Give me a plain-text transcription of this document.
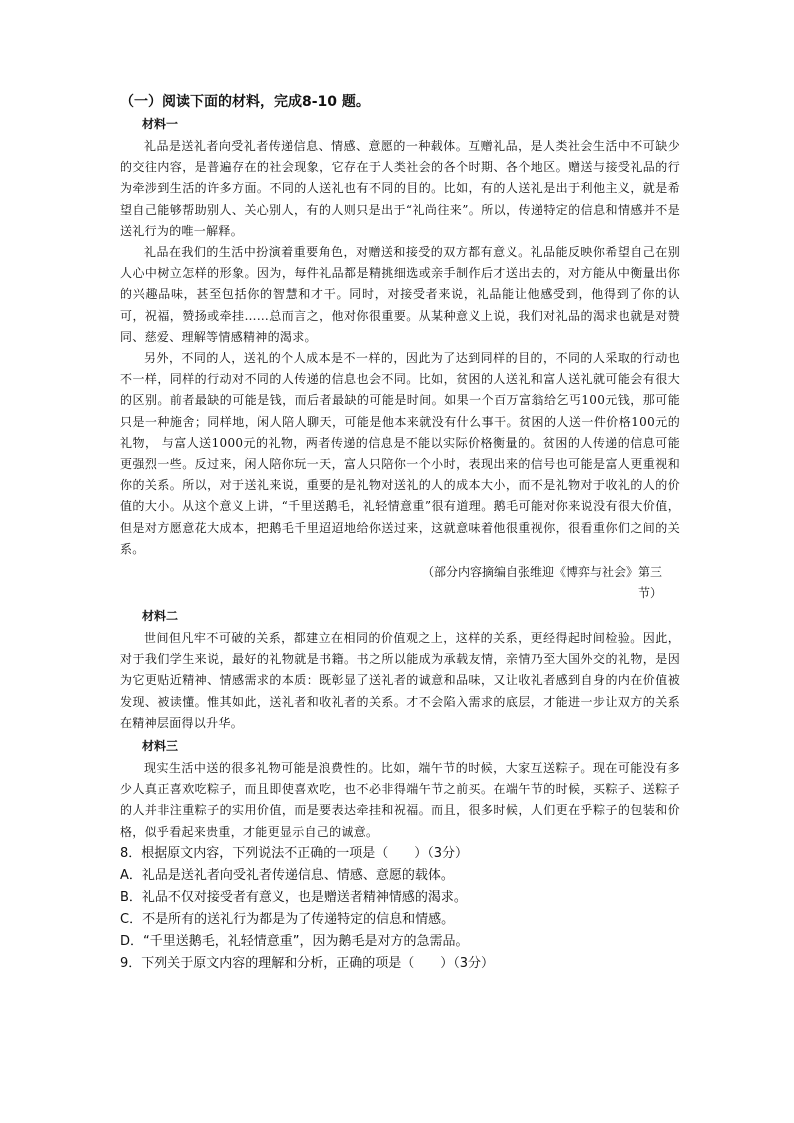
（一）阅读下面的材料，完成8-10 题。

材料一

礼品是送礼者向受礼者传递信息、情感、意愿的一种载体。互赠礼品，是人类社会生活中不可缺少的交往内容，是普遍存在的社会现象，它存在于人类社会的各个时期、各个地区。赠送与接受礼品的行为牵涉到生活的许多方面。不同的人送礼也有不同的目的。比如，有的人送礼是出于利他主义，就是希望自己能够帮助别人、关心别人，有的人则只是出于“礼尚往来”。所以，传递特定的信息和情感并不是送礼行为的唯一解释。

礼品在我们的生活中扮演着重要角色，对赠送和接受的双方都有意义。礼品能反映你希望自己在别人心中树立怎样的形象。因为，每件礼品都是精挑细选或亲手制作后才送出去的，对方能从中衡量出你的兴趣品味，甚至包括你的智慧和才干。同时，对接受者来说，礼品能让他感受到，他得到了你的认可，祝福，赞扬或牵挂……总而言之，他对你很重要。从某种意义上说，我们对礼品的渴求也就是对赞同、慈爱、理解等情感精神的渴求。

另外，不同的人，送礼的个人成本是不一样的，因此为了达到同样的目的，不同的人采取的行动也不一样，同样的行动对不同的人传递的信息也会不同。比如，贫困的人送礼和富人送礼就可能会有很大的区别。前者最缺的可能是钱，而后者最缺的可能是时间。如果一个百万富翁给乞丐100元钱，那可能只是一种施舍；同样地，闲人陪人聊天，可能是他本来就没有什么事干。贫困的人送一件价格100元的礼物， 与富人送1000元的礼物，两者传递的信息是不能以实际价格衡量的。贫困的人传递的信息可能更强烈一些。反过来，闲人陪你玩一天，富人只陪你一个小时，表现出来的信号也可能是富人更重视和你的关系。所以，对于送礼来说，重要的是礼物对送礼的人的成本大小，而不是礼物对于收礼的人的价值的大小。从这个意义上讲，“千里送鹅毛，礼轻情意重”很有道理。鹅毛可能对你来说没有很大价值，但是对方愿意花大成本，把鹅毛千里迢迢地给你送过来，这就意味着他很重视你，很看重你们之间的关系。

（部分内容摘编自张维迎《博弈与社会》第三节）

材料二

世间但凡牢不可破的关系，都建立在相同的价值观之上，这样的关系，更经得起时间检验。因此，对于我们学生来说，最好的礼物就是书籍。书之所以能成为承载友情，亲情乃至大国外交的礼物，是因为它更贴近精神、情感需求的本质：既彰显了送礼者的诚意和品味，又让收礼者感到自身的内在价值被发现、被读懂。惟其如此，送礼者和收礼者的关系。才不会陷入需求的底层，才能进一步让双方的关系在精神层面得以升华。

材料三

现实生活中送的很多礼物可能是浪费性的。比如，端午节的时候，大家互送粽子。现在可能没有多少人真正喜欢吃粽子，而且即使喜欢吃，也不必非得端午节之前买。在端午节的时候，买粽子、送粽子的人并非注重粽子的实用价值，而是要表达牵挂和祝福。而且，很多时候，人们更在乎粽子的包装和价格，似乎看起来贵重，才能更显示自己的诚意。

8．根据原文内容，下列说法不正确的一项是（　　）（3分）

A．礼品是送礼者向受礼者传递信息、情感、意愿的载体。

B．礼品不仅对接受者有意义，也是赠送者精神情感的渴求。

C．不是所有的送礼行为都是为了传递特定的信息和情感。

D．“千里送鹅毛，礼轻情意重”，因为鹅毛是对方的急需品。

9．下列关于原文内容的理解和分析，正确的项是（　　）（3分）
